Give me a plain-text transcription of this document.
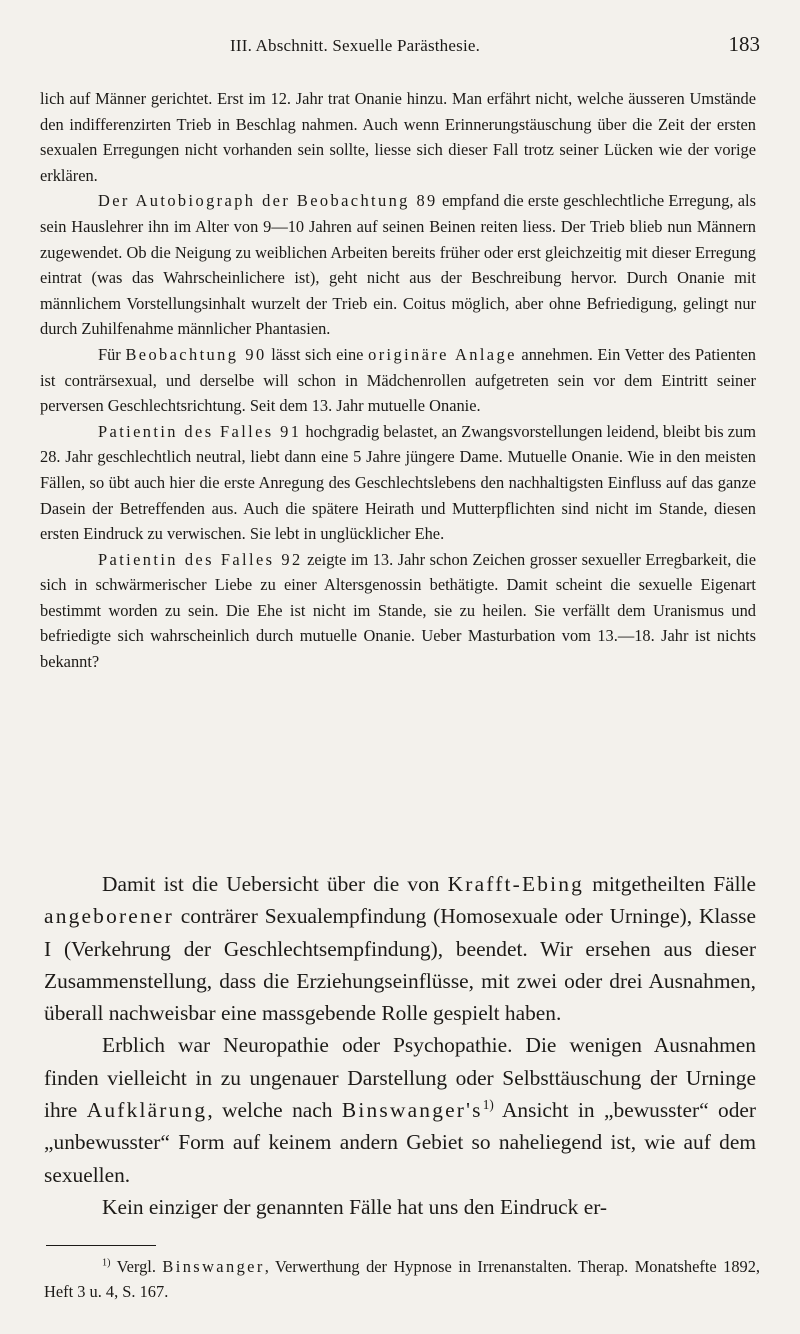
III. Abschnitt. Sexuelle Parästhesie.	183

lich auf Männer gerichtet. Erst im 12. Jahr trat Onanie hinzu. Man erfährt nicht, welche äusseren Umstände den indifferenzirten Trieb in Beschlag nahmen. Auch wenn Erinnerungstäuschung über die Zeit der ersten sexualen Erregungen nicht vorhanden sein sollte, liesse sich dieser Fall trotz seiner Lücken wie der vorige erklären.

Der Autobiograph der Beobachtung 89 empfand die erste geschlechtliche Erregung, als sein Hauslehrer ihn im Alter von 9—10 Jahren auf seinen Beinen reiten liess. Der Trieb blieb nun Männern zugewendet. Ob die Neigung zu weiblichen Arbeiten bereits früher oder erst gleichzeitig mit dieser Erregung eintrat (was das Wahrscheinlichere ist), geht nicht aus der Beschreibung hervor. Durch Onanie mit männlichem Vorstellungsinhalt wurzelt der Trieb ein. Coitus möglich, aber ohne Befriedigung, gelingt nur durch Zuhilfenahme männlicher Phantasien.

Für Beobachtung 90 lässt sich eine originäre Anlage annehmen. Ein Vetter des Patienten ist conträrsexual, und derselbe will schon in Mädchenrollen aufgetreten sein vor dem Eintritt seiner perversen Geschlechtsrichtung. Seit dem 13. Jahr mutuelle Onanie.

Patientin des Falles 91 hochgradig belastet, an Zwangsvorstellungen leidend, bleibt bis zum 28. Jahr geschlechtlich neutral, liebt dann eine 5 Jahre jüngere Dame. Mutuelle Onanie. Wie in den meisten Fällen, so übt auch hier die erste Anregung des Geschlechtslebens den nachhaltigsten Einfluss auf das ganze Dasein der Betreffenden aus. Auch die spätere Heirath und Mutterpflichten sind nicht im Stande, diesen ersten Eindruck zu verwischen. Sie lebt in unglücklicher Ehe.

Patientin des Falles 92 zeigte im 13. Jahr schon Zeichen grosser sexueller Erregbarkeit, die sich in schwärmerischer Liebe zu einer Altersgenossin bethätigte. Damit scheint die sexuelle Eigenart bestimmt worden zu sein. Die Ehe ist nicht im Stande, sie zu heilen. Sie verfällt dem Uranismus und befriedigte sich wahrscheinlich durch mutuelle Onanie. Ueber Masturbation vom 13.—18. Jahr ist nichts bekannt?

Damit ist die Uebersicht über die von Krafft-Ebing mitgetheilten Fälle angeborener conträrer Sexualempfindung (Homosexuale oder Urninge), Klasse I (Verkehrung der Geschlechtsempfindung), beendet. Wir ersehen aus dieser Zusammenstellung, dass die Erziehungseinflüsse, mit zwei oder drei Ausnahmen, überall nachweisbar eine massgebende Rolle gespielt haben.

Erblich war Neuropathie oder Psychopathie. Die wenigen Ausnahmen finden vielleicht in zu ungenauer Darstellung oder Selbsttäuschung der Urninge ihre Aufklärung, welche nach $Binswanger's^{1)}$ Ansicht in „bewusster“ oder „unbewusster“ Form auf keinem andern Gebiet so naheliegend ist, wie auf dem sexuellen.

Kein einziger der genannten Fälle hat uns den Eindruck er-

$^{1)}$ Vergl. Binswanger, Verwerthung der Hypnose in Irrenanstalten. Therap. Monatshefte 1892, Heft 3 u. 4, S. 167.
